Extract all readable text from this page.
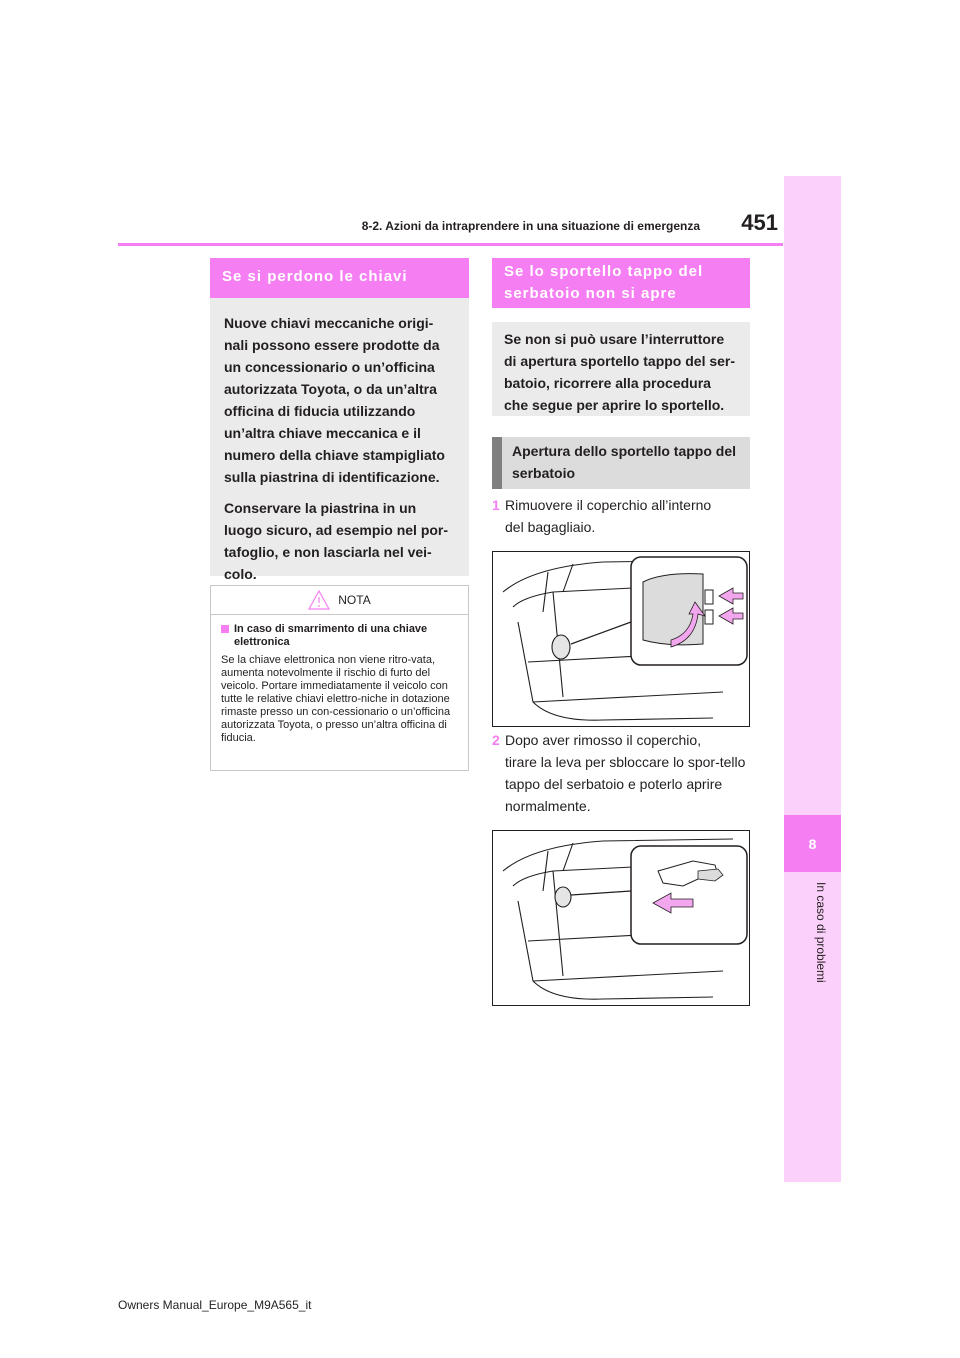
8
In caso di problemi
8-2. Azioni da intraprendere in una situazione di emergenza	451
Se si perdono le chiavi

Nuove chiavi meccaniche origi-nali possono essere prodotte da un concessionario o un’officina autorizzata Toyota, o da un’altra officina di fiducia utilizzando un’altra chiave meccanica e il numero della chiave stampigliato sulla piastrina di identificazione.

Conservare la piastrina in un luogo sicuro, ad esempio nel por-tafoglio, e non lasciarla nel vei-colo.

NOTA
In caso di smarrimento di una chiave elettronica
Se la chiave elettronica non viene ritro-vata, aumenta notevolmente il rischio di furto del veicolo. Portare immediatamente il veicolo con tutte le relative chiavi elettro-niche in dotazione rimaste presso un con-cessionario o un’officina autorizzata Toyota, o presso un’altra officina di fiducia.
Se lo sportello tappo del serbatoio non si apre
Se non si può usare l’interruttore di apertura sportello tappo del ser-batoio, ricorrere alla procedura che segue per aprire lo sportello.
Apertura dello sportello tappo del serbatoio
1 Rimuovere il coperchio all’interno
del bagagliaio.
2 Dopo aver rimosso il coperchio,
tirare la leva per sbloccare lo spor-tello tappo del serbatoio e poterlo aprire normalmente.
Owners Manual_Europe_M9A565_it
